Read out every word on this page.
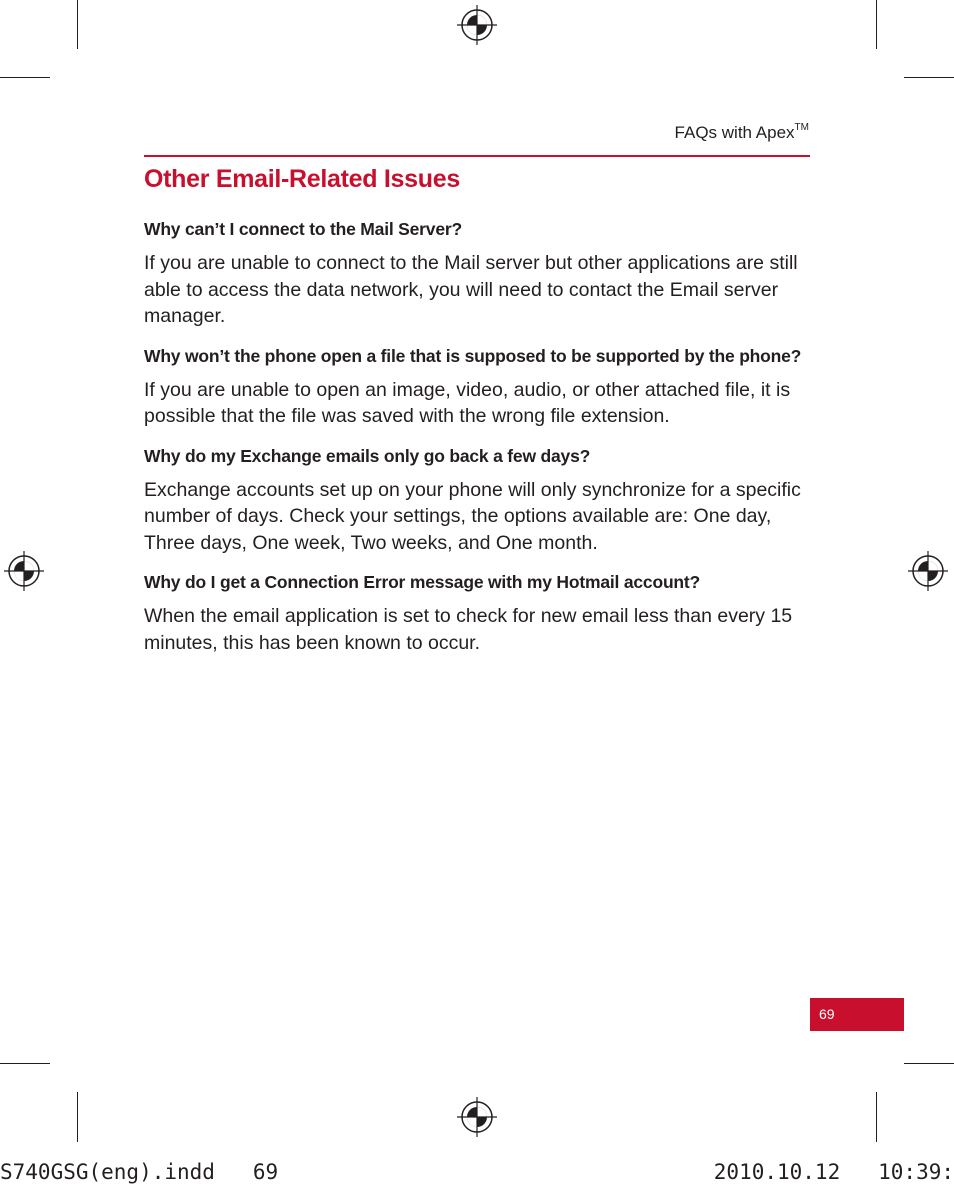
FAQs with Apex™
Other Email-Related Issues

Why can’t I connect to the Mail Server?

If you are unable to connect to the Mail server but other applications are still able to access the data network, you will need to contact the Email server manager.

Why won’t the phone open a file that is supposed to be supported by the phone?

If you are unable to open an image, video, audio, or other attached file, it is possible that the file was saved with the wrong file extension.

Why do my Exchange emails only go back a few days?

Exchange accounts set up on your phone will only synchronize for a specific number of days. Check your settings, the options available are: One day, Three days, One week, Two weeks, and One month.

Why do I get a Connection Error message with my Hotmail account?

When the email application is set to check for new email less than every 15 minutes, this has been known to occur.

69
S740GSG(eng).indd   69	2010.10.12   10:39:
